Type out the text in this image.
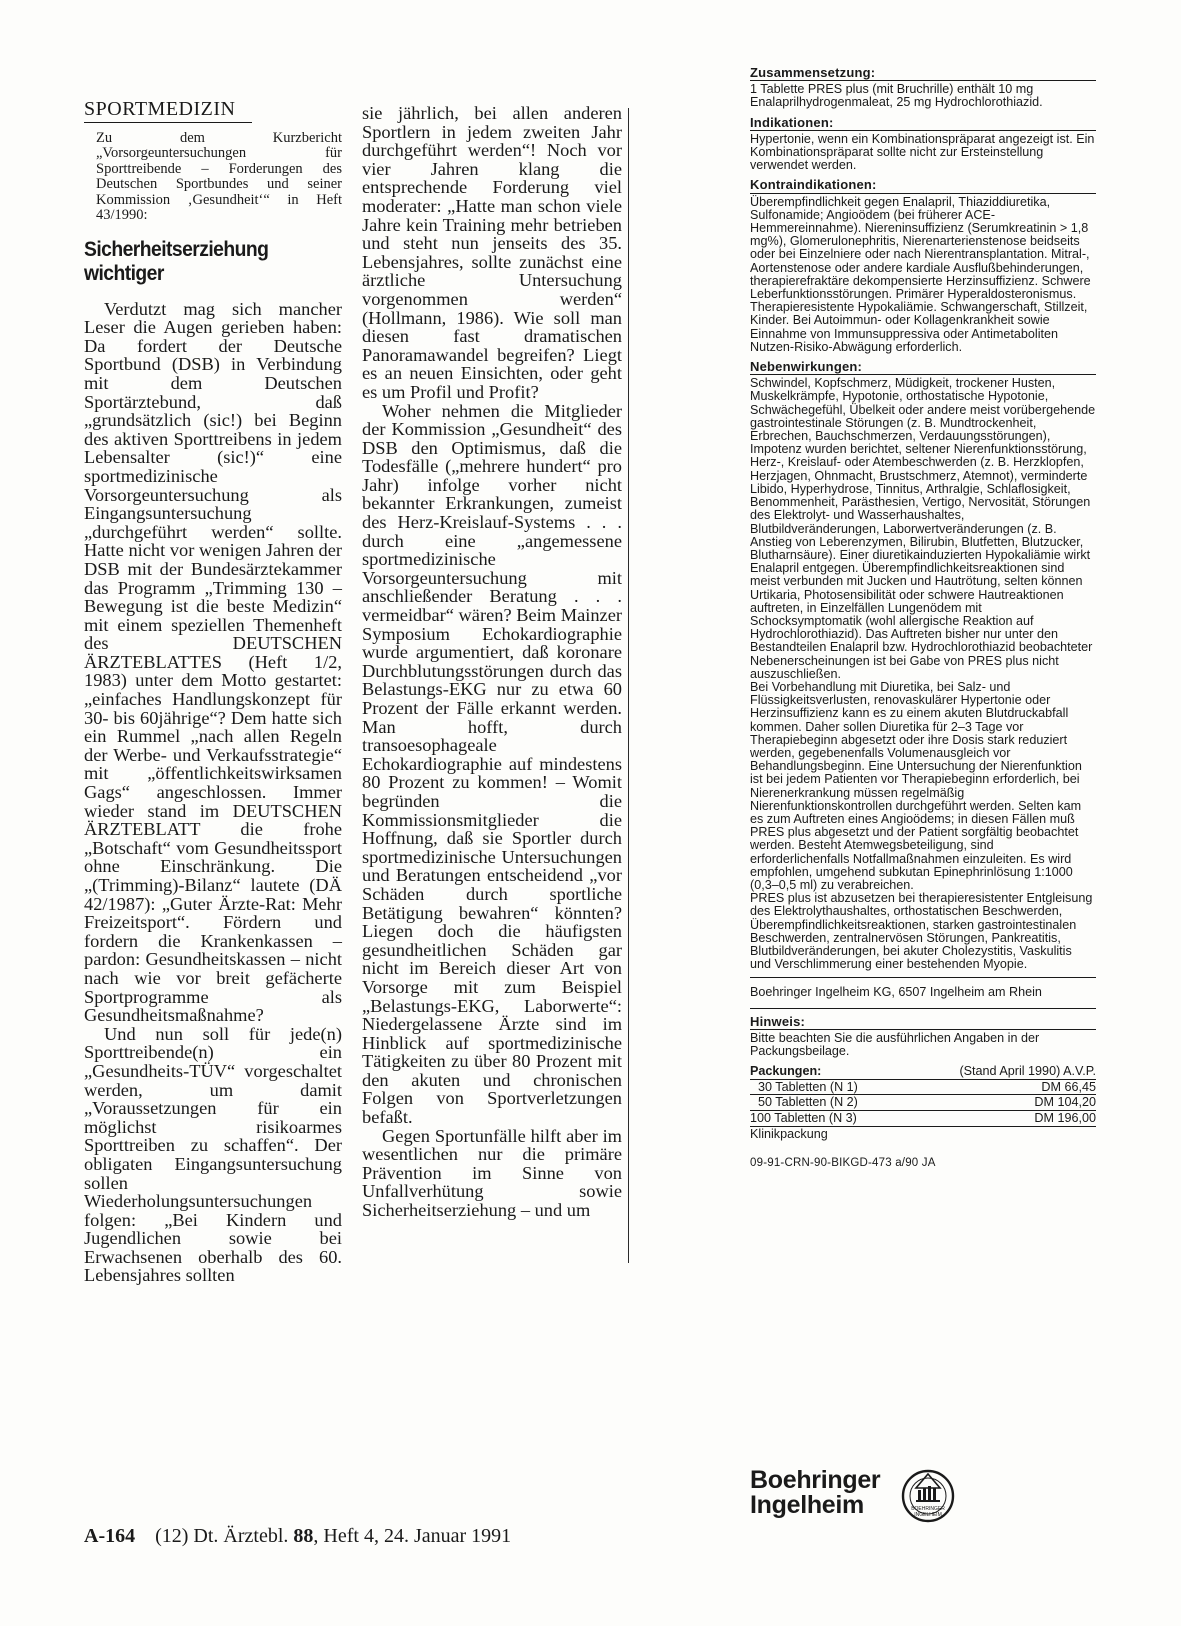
SPORTMEDIZIN
Zu dem Kurzbericht „Vorsorgeuntersuchungen für Sporttreibende – Forderungen des Deutschen Sportbundes und seiner Kommission ‚Gesundheit‘“ in Heft 43/1990:
Sicherheitserziehung wichtiger

Verdutzt mag sich mancher Leser die Augen gerieben haben: Da fordert der Deutsche Sportbund (DSB) in Verbindung mit dem Deutschen Sportärztebund, daß „grundsätzlich (sic!) bei Beginn des aktiven Sporttreibens in jedem Lebensalter (sic!)“ eine sportmedizinische Vorsorgeuntersuchung als Eingangsuntersuchung „durchgeführt werden“ sollte. Hatte nicht vor wenigen Jahren der DSB mit der Bundesärztekammer das Programm „Trimming 130 – Bewegung ist die beste Medizin“ mit einem speziellen Themenheft des DEUTSCHEN ÄRZTEBLATTES (Heft 1/2, 1983) unter dem Motto gestartet: „einfaches Handlungskonzept für 30- bis 60jährige“? Dem hatte sich ein Rummel „nach allen Regeln der Werbe- und Verkaufsstrategie“ mit „öffentlichkeitswirksamen Gags“ angeschlossen. Immer wieder stand im DEUTSCHEN ÄRZTEBLATT die frohe „Botschaft“ vom Gesundheitssport ohne Einschränkung. Die „(Trimming)-Bilanz“ lautete (DÄ 42/1987): „Guter Ärzte-Rat: Mehr Freizeitsport“. Fördern und fordern die Krankenkassen – pardon: Gesundheitskassen – nicht nach wie vor breit gefächerte Sportprogramme als Gesundheitsmaßnahme?

Und nun soll für jede(n) Sporttreibende(n) ein „Gesundheits-TÜV“ vorgeschaltet werden, um damit „Voraussetzungen für ein möglichst risikoarmes Sporttreiben zu schaffen“. Der obligaten Eingangsuntersuchung sollen Wiederholungsuntersuchungen folgen: „Bei Kindern und Jugendlichen sowie bei Erwachsenen oberhalb des 60. Lebensjahres sollten

sie jährlich, bei allen anderen Sportlern in jedem zweiten Jahr durchgeführt werden“! Noch vor vier Jahren klang die entsprechende Forderung viel moderater: „Hatte man schon viele Jahre kein Training mehr betrieben und steht nun jenseits des 35. Lebensjahres, sollte zunächst eine ärztliche Untersuchung vorgenommen werden“ (Hollmann, 1986). Wie soll man diesen fast dramatischen Panoramawandel begreifen? Liegt es an neuen Einsichten, oder geht es um Profil und Profit?

Woher nehmen die Mitglieder der Kommission „Gesundheit“ des DSB den Optimismus, daß die Todesfälle („mehrere hundert“ pro Jahr) infolge vorher nicht bekannter Erkrankungen, zumeist des Herz-Kreislauf-Systems . . . durch eine „angemessene sportmedizinische Vorsorgeuntersuchung mit anschließender Beratung . . . vermeidbar“ wären? Beim Mainzer Symposium Echokardiographie wurde argumentiert, daß koronare Durchblutungsstörungen durch das Belastungs-EKG nur zu etwa 60 Prozent der Fälle erkannt werden. Man hofft, durch transoesophageale Echokardiographie auf mindestens 80 Prozent zu kommen! – Womit begründen die Kommissionsmitglieder die Hoffnung, daß sie Sportler durch sportmedizinische Untersuchungen und Beratungen entscheidend „vor Schäden durch sportliche Betätigung bewahren“ könnten? Liegen doch die häufigsten gesundheitlichen Schäden gar nicht im Bereich dieser Art von Vorsorge mit zum Beispiel „Belastungs-EKG, Laborwerte“: Niedergelassene Ärzte sind im Hinblick auf sportmedizinische Tätigkeiten zu über 80 Prozent mit den akuten und chronischen Folgen von Sportverletzungen befaßt.

Gegen Sportunfälle hilft aber im wesentlichen nur die primäre Prävention im Sinne von Unfallverhütung sowie Sicherheitserziehung – und um

Zusammensetzung:
1 Tablette PRES plus (mit Bruchrille) enthält 10 mg Enalaprilhydrogenmaleat, 25 mg Hydrochlorothiazid.
Indikationen:
Hypertonie, wenn ein Kombinationspräparat angezeigt ist. Ein Kombinationspräparat sollte nicht zur Ersteinstellung verwendet werden.
Kontraindikationen:
Überempfindlichkeit gegen Enalapril, Thiaziddiuretika, Sulfonamide; Angioödem (bei früherer ACE-Hemmereinnahme). Niereninsuffizienz (Serumkreatinin > 1,8 mg%), Glomerulonephritis, Nierenarterienstenose beidseits oder bei Einzelniere oder nach Nierentransplantation. Mitral-, Aortenstenose oder andere kardiale Ausflußbehinderungen, therapierefraktäre dekompensierte Herzinsuffizienz. Schwere Leberfunktionsstörungen. Primärer Hyperaldosteronismus. Therapieresistente Hypokaliämie. Schwangerschaft, Stillzeit, Kinder. Bei Autoimmun- oder Kollagenkrankheit sowie Einnahme von Immunsuppressiva oder Antimetaboliten Nutzen-Risiko-Abwägung erforderlich.
Nebenwirkungen:

Schwindel, Kopfschmerz, Müdigkeit, trockener Husten, Muskelkrämpfe, Hypotonie, orthostatische Hypotonie, Schwächegefühl, Übelkeit oder andere meist vorübergehende gastrointestinale Störungen (z. B. Mundtrockenheit, Erbrechen, Bauchschmerzen, Verdauungsstörungen), Impotenz wurden berichtet, seltener Nierenfunktionsstörung, Herz-, Kreislauf- oder Atembeschwerden (z. B. Herzklopfen, Herzjagen, Ohnmacht, Brustschmerz, Atemnot), verminderte Libido, Hyperhydrose, Tinnitus, Arthralgie, Schlaflosigkeit, Benommenheit, Parästhesien, Vertigo, Nervosität, Störungen des Elektrolyt- und Wasserhaushaltes, Blutbildveränderungen, Laborwertveränderungen (z. B. Anstieg von Leberenzymen, Bilirubin, Blutfetten, Blutzucker, Blutharnsäure). Einer diuretikainduzierten Hypokaliämie wirkt Enalapril entgegen. Überempfindlichkeitsreaktionen sind meist verbunden mit Jucken und Hautrötung, selten können Urtikaria, Photosensibilität oder schwere Hautreaktionen auftreten, in Einzelfällen Lungenödem mit Schocksymptomatik (wohl allergische Reaktion auf Hydrochlorothiazid). Das Auftreten bisher nur unter den Bestandteilen Enalapril bzw. Hydrochlorothiazid beobachteter Nebenerscheinungen ist bei Gabe von PRES plus nicht auszuschließen.

Bei Vorbehandlung mit Diuretika, bei Salz- und Flüssigkeitsverlusten, renovaskulärer Hypertonie oder Herzinsuffizienz kann es zu einem akuten Blutdruckabfall kommen. Daher sollen Diuretika für 2–3 Tage vor Therapiebeginn abgesetzt oder ihre Dosis stark reduziert werden, gegebenenfalls Volumenausgleich vor Behandlungsbeginn. Eine Untersuchung der Nierenfunktion ist bei jedem Patienten vor Therapiebeginn erforderlich, bei Nierenerkrankung müssen regelmäßig Nierenfunktionskontrollen durchgeführt werden. Selten kam es zum Auftreten eines Angioödems; in diesen Fällen muß PRES plus abgesetzt und der Patient sorgfältig beobachtet werden. Besteht Atemwegsbeteiligung, sind erforderlichenfalls Notfallmaßnahmen einzuleiten. Es wird empfohlen, umgehend subkutan Epinephrinlösung 1:1000 (0,3–0,5 ml) zu verabreichen.

PRES plus ist abzusetzen bei therapieresistenter Entgleisung des Elektrolythaushaltes, orthostatischen Beschwerden, Überempfindlichkeitsreaktionen, starken gastrointestinalen Beschwerden, zentralnervösen Störungen, Pankreatitis, Blutbildveränderungen, bei akuter Cholezystitis, Vaskulitis und Verschlimmerung einer bestehenden Myopie.

Boehringer Ingelheim KG, 6507 Ingelheim am Rhein
Hinweis:
Bitte beachten Sie die ausführlichen Angaben in der Packungsbeilage.
Packungen:	(Stand April 1990) A.V.P.
30 Tabletten (N 1)	DM 66,45
50 Tabletten (N 2)	DM 104,20
100 Tabletten (N 3)	DM 196,00
Klinikpackung	
09-91-CRN-90-BIKGD-473 a/90 JA
Boehringer
Ingelheim	BOEHRINGER
INGELHEIM
A-164 (12) Dt. Ärztebl. 88, Heft 4, 24. Januar 1991
